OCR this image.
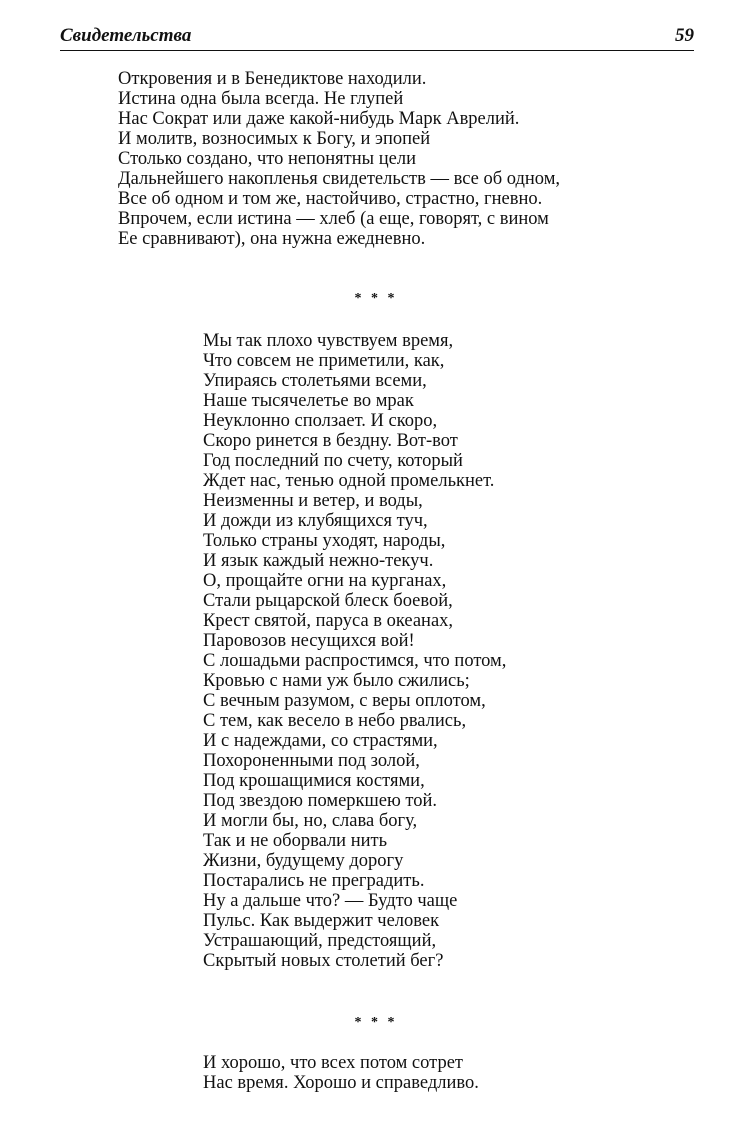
Свидетельства	59
Откровения и в Бенедиктове находили.
Истина одна была всегда. Не глупей
Нас Сократ или даже какой-нибудь Марк Аврелий.
И молитв, возносимых к Богу, и эпопей
Столько создано, что непонятны цели
Дальнейшего накопленья свидетельств — все об одном,
Все об одном и том же, настойчиво, страстно, гневно.
Впрочем, если истина — хлеб (а еще, говорят, с вином
Ее сравнивают), она нужна ежедневно.
* * *
Мы так плохо чувствуем время,
Что совсем не приметили, как,
Упираясь столетьями всеми,
Наше тысячелетье во мрак
Неуклонно сползает. И скоро,
Скоро ринется в бездну. Вот-вот
Год последний по счету, который
Ждет нас, тенью одной промелькнет.
Неизменны и ветер, и воды,
И дожди из клубящихся туч,
Только страны уходят, народы,
И язык каждый нежно-текуч.
О, прощайте огни на курганах,
Стали рыцарской блеск боевой,
Крест святой, паруса в океанах,
Паровозов несущихся вой!
С лошадьми распростимся, что потом,
Кровью с нами уж было сжились;
С вечным разумом, с веры оплотом,
С тем, как весело в небо рвались,
И с надеждами, со страстями,
Похороненными под золой,
Под крошащимися костями,
Под звездою померкшею той.
И могли бы, но, слава богу,
Так и не оборвали нить
Жизни, будущему дорогу
Постарались не преградить.
Ну а дальше что? — Будто чаще
Пульс. Как выдержит человек
Устрашающий, предстоящий,
Скрытый новых столетий бег?
* * *
И хорошо, что всех потом сотрет
Нас время. Хорошо и справедливо.
